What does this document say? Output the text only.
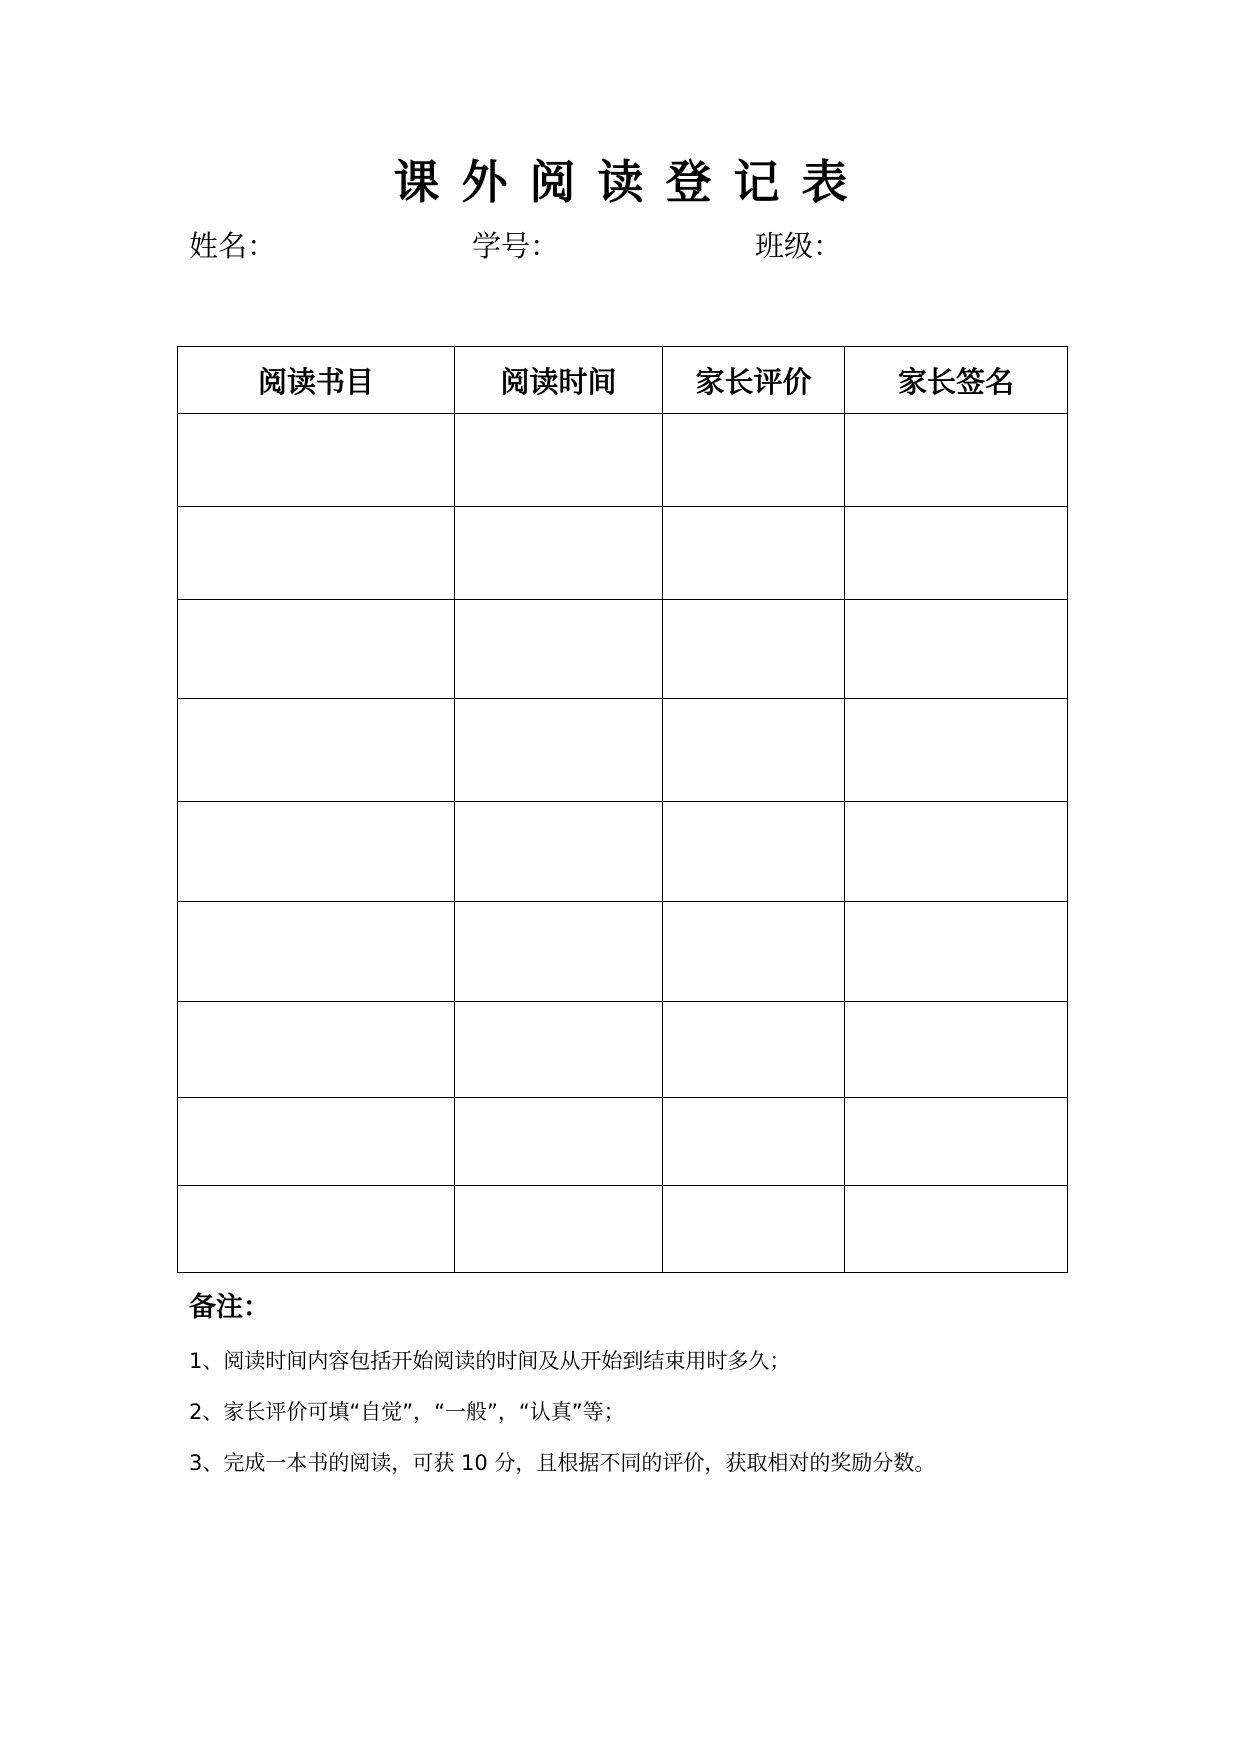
课外阅读登记表
姓名：	学号：	班级：
阅读书目	阅读时间	家长评价	家长签名

备注：
1、阅读时间内容包括开始阅读的时间及从开始到结束用时多久；
2、家长评价可填“自觉”，“一般”，“认真”等；
3、完成一本书的阅读，可获 10 分，且根据不同的评价，获取相对的奖励分数。
